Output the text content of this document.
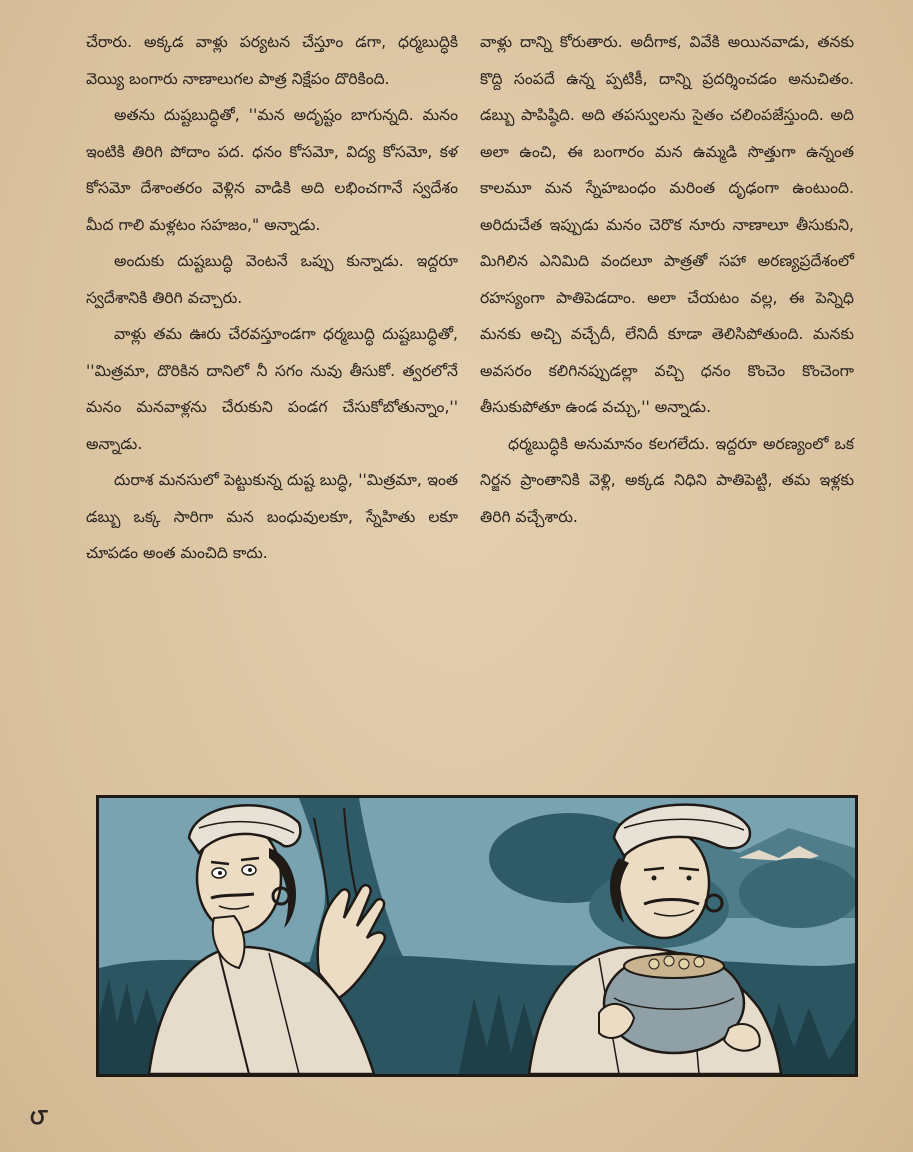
చేరారు. అక్కడ వాళ్లు పర్యటన చేస్తూం డగా, ధర్మబుద్ధికి వెయ్యి బంగారు నాణాలుగల పాత్ర నిక్షేపం దొరికింది.

అతను దుష్టబుద్ధితో, ''మన అదృష్టం బాగున్నది. మనం ఇంటికి తిరిగి పోదాం పద. ధనం కోసమో, విద్య కోసమో, కళ కోసమో దేశాంతరం వెళ్లిన వాడికి అది లభించగానే స్వదేశం మీద గాలి మళ్లటం సహజం," అన్నాడు.

అందుకు దుష్టబుద్ధి వెంటనే ఒప్పు కున్నాడు. ఇద్దరూ స్వదేశానికి తిరిగి వచ్చారు.

వాళ్లు తమ ఊరు చేరవస్తూండగా ధర్మబుద్ధి దుష్టబుద్ధితో, ''మిత్రమా, దొరికిన దానిలో నీ సగం నువు తీసుకో. త్వరలోనే మనం మనవాళ్లను చేరుకుని పండగ చేసుకోబోతున్నాం,'' అన్నాడు.

దురాశ మనసులో పెట్టుకున్న దుష్ట బుద్ధి, ''మిత్రమా, ఇంత డబ్బు ఒక్క సారిగా మన బంధువులకూ, స్నేహితు లకూ చూపడం అంత మంచిది కాదు.

వాళ్లు దాన్ని కోరుతారు. అదీగాక, వివేకి అయినవాడు, తనకు కొద్ది సంపదే ఉన్న ప్పటికీ, దాన్ని ప్రదర్శించడం అనుచితం. డబ్బు పాపిష్ఠిది. అది తపస్వులను సైతం చలింపజేస్తుంది. అది అలా ఉంచి, ఈ బంగారం మన ఉమ్మడి సొత్తుగా ఉన్నంత కాలమూ మన స్నేహబంధం మరింత దృఢంగా ఉంటుంది. అరిదుచేత ఇప్పుడు మనం చెరొక నూరు నాణాలూ తీసుకుని, మిగిలిన ఎనిమిది వందలూ పాత్రతో సహా అరణ్యప్రదేశంలో రహస్యంగా పాతిపెడదాం. అలా చేయటం వల్ల, ఈ పెన్నిధి మనకు అచ్చి వచ్చేదీ, లేనిదీ కూడా తెలిసిపోతుంది. మనకు అవసరం కలిగినప్పుడల్లా వచ్చి ధనం కొంచెం కొంచెంగా తీసుకుపోతూ ఉండ వచ్చు,'' అన్నాడు.

ధర్మబుద్ధికి అనుమానం కలగలేదు. ఇద్దరూ అరణ్యంలో ఒక నిర్జన ప్రాంతానికి వెళ్లి, అక్కడ నిధిని పాతిపెట్టి, తమ ఇళ్లకు తిరిగి వచ్చేశారు.

౮
